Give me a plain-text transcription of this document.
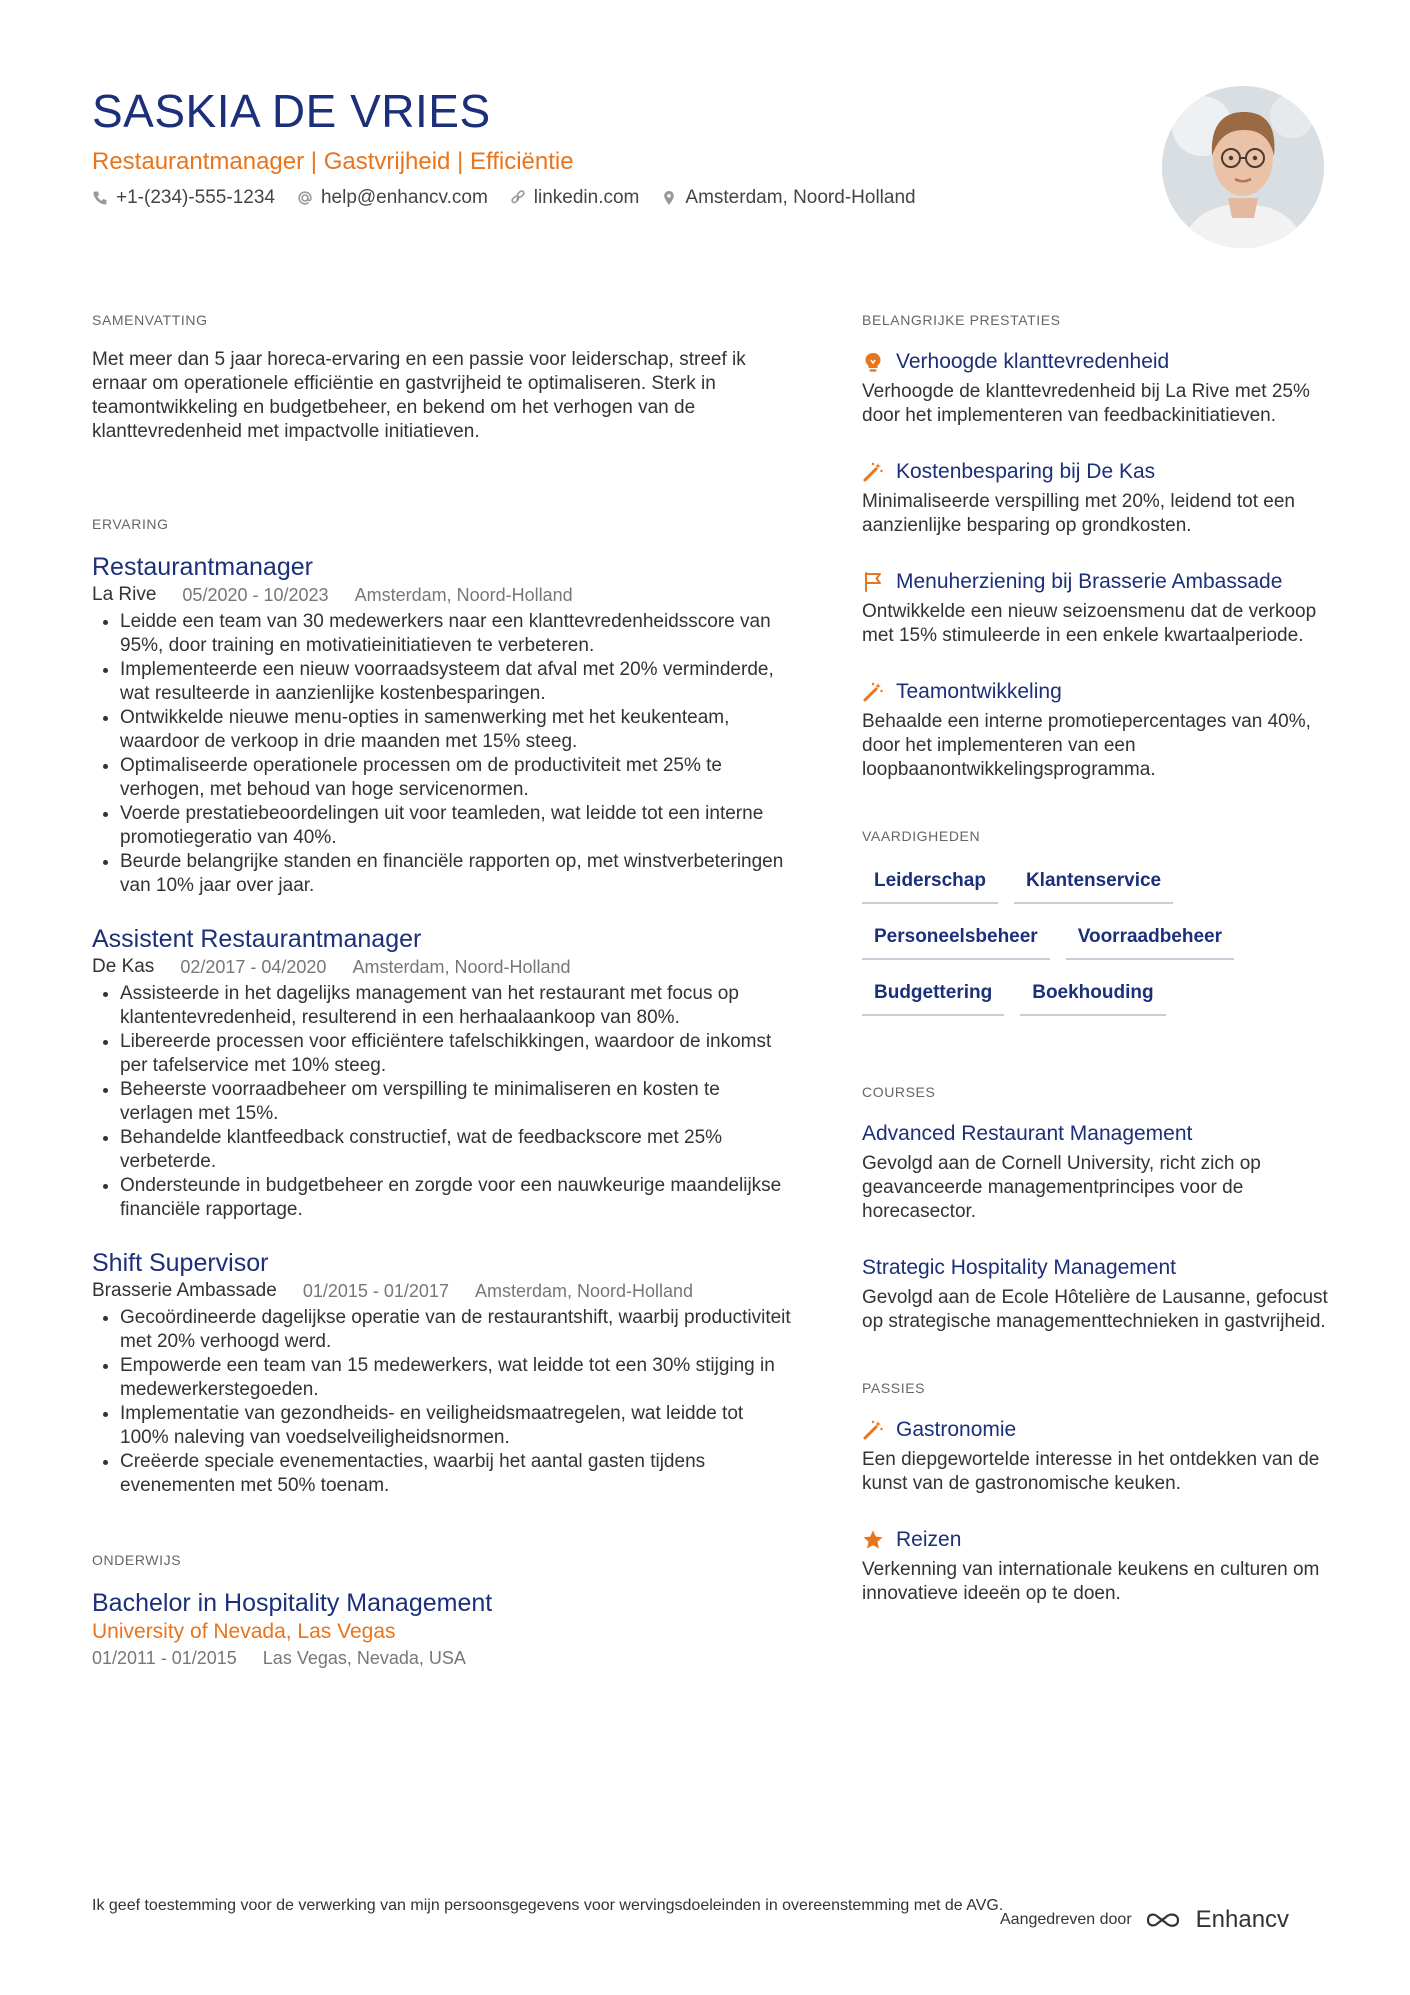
SASKIA DE VRIES
Restaurantmanager | Gastvrijheid | Efficiëntie
+1-(234)-555-1234 help@enhancv.com linkedin.com Amsterdam, Noord-Holland
SAMENVATTING
Met meer dan 5 jaar horeca-ervaring en een passie voor leiderschap, streef ik ernaar om operationele efficiëntie en gastvrijheid te optimaliseren. Sterk in teamontwikkeling en budgetbeheer, en bekend om het verhogen van de klanttevredenheid met impactvolle initiatieven.
ERVARING
Restaurantmanager
La Rive 05/2020 - 10/2023 Amsterdam, Noord-Holland
• Leidde een team van 30 medewerkers naar een klanttevredenheidsscore van 95%, door training en motivatieinitiatieven te verbeteren.
• Implementeerde een nieuw voorraadsysteem dat afval met 20% verminderde, wat resulteerde in aanzienlijke kostenbesparingen.
• Ontwikkelde nieuwe menu-opties in samenwerking met het keukenteam, waardoor de verkoop in drie maanden met 15% steeg.
• Optimaliseerde operationele processen om de productiviteit met 25% te verhogen, met behoud van hoge servicenormen.
• Voerde prestatiebeoordelingen uit voor teamleden, wat leidde tot een interne promotiegeratio van 40%.
• Beurde belangrijke standen en financiële rapporten op, met winstverbeteringen van 10% jaar over jaar.
Assistent Restaurantmanager
De Kas 02/2017 - 04/2020 Amsterdam, Noord-Holland
• Assisteerde in het dagelijks management van het restaurant met focus op klantentevredenheid, resulterend in een herhaalaankoop van 80%.
• Libereerde processen voor efficiëntere tafelschikkingen, waardoor de inkomst per tafelservice met 10% steeg.
• Beheerste voorraadbeheer om verspilling te minimaliseren en kosten te verlagen met 15%.
• Behandelde klantfeedback constructief, wat de feedbackscore met 25% verbeterde.
• Ondersteunde in budgetbeheer en zorgde voor een nauwkeurige maandelijkse financiële rapportage.
Shift Supervisor
Brasserie Ambassade 01/2015 - 01/2017 Amsterdam, Noord-Holland
• Gecoördineerde dagelijkse operatie van de restaurantshift, waarbij productiviteit met 20% verhoogd werd.
• Empowerde een team van 15 medewerkers, wat leidde tot een 30% stijging in medewerkerstegoeden.
• Implementatie van gezondheids- en veiligheidsmaatregelen, wat leidde tot 100% naleving van voedselveiligheidsnormen.
• Creëerde speciale evenementacties, waarbij het aantal gasten tijdens evenementen met 50% toenam.
ONDERWIJS
Bachelor in Hospitality Management
University of Nevada, Las Vegas
01/2011 - 01/2015 Las Vegas, Nevada, USA
BELANGRIJKE PRESTATIES
Verhoogde klanttevredenheid
Verhoogde de klanttevredenheid bij La Rive met 25% door het implementeren van feedbackinitiatieven.
Kostenbesparing bij De Kas
Minimaliseerde verspilling met 20%, leidend tot een aanzienlijke besparing op grondkosten.
Menuherziening bij Brasserie Ambassade
Ontwikkelde een nieuw seizoensmenu dat de verkoop met 15% stimuleerde in een enkele kwartaalperiode.
Teamontwikkeling
Behaalde een interne promotiepercentages van 40%, door het implementeren van een loopbaanontwikkelingsprogramma.
VAARDIGHEDEN
Leiderschap	Klantenservice
Personeelsbeheer	Voorraadbeheer
Budgettering	Boekhouding
COURSES
Advanced Restaurant Management
Gevolgd aan de Cornell University, richt zich op geavanceerde managementprincipes voor de horecasector.
Strategic Hospitality Management
Gevolgd aan de Ecole Hôtelière de Lausanne, gefocust op strategische managementtechnieken in gastvrijheid.
PASSIES
Gastronomie
Een diepgewortelde interesse in het ontdekken van de kunst van de gastronomische keuken.
Reizen
Verkenning van internationale keukens en culturen om innovatieve ideeën op te doen.
Ik geef toestemming voor de verwerking van mijn persoonsgegevens voor wervingsdoeleinden in overeenstemming met de AVG.
Aangedreven door	Enhancv
